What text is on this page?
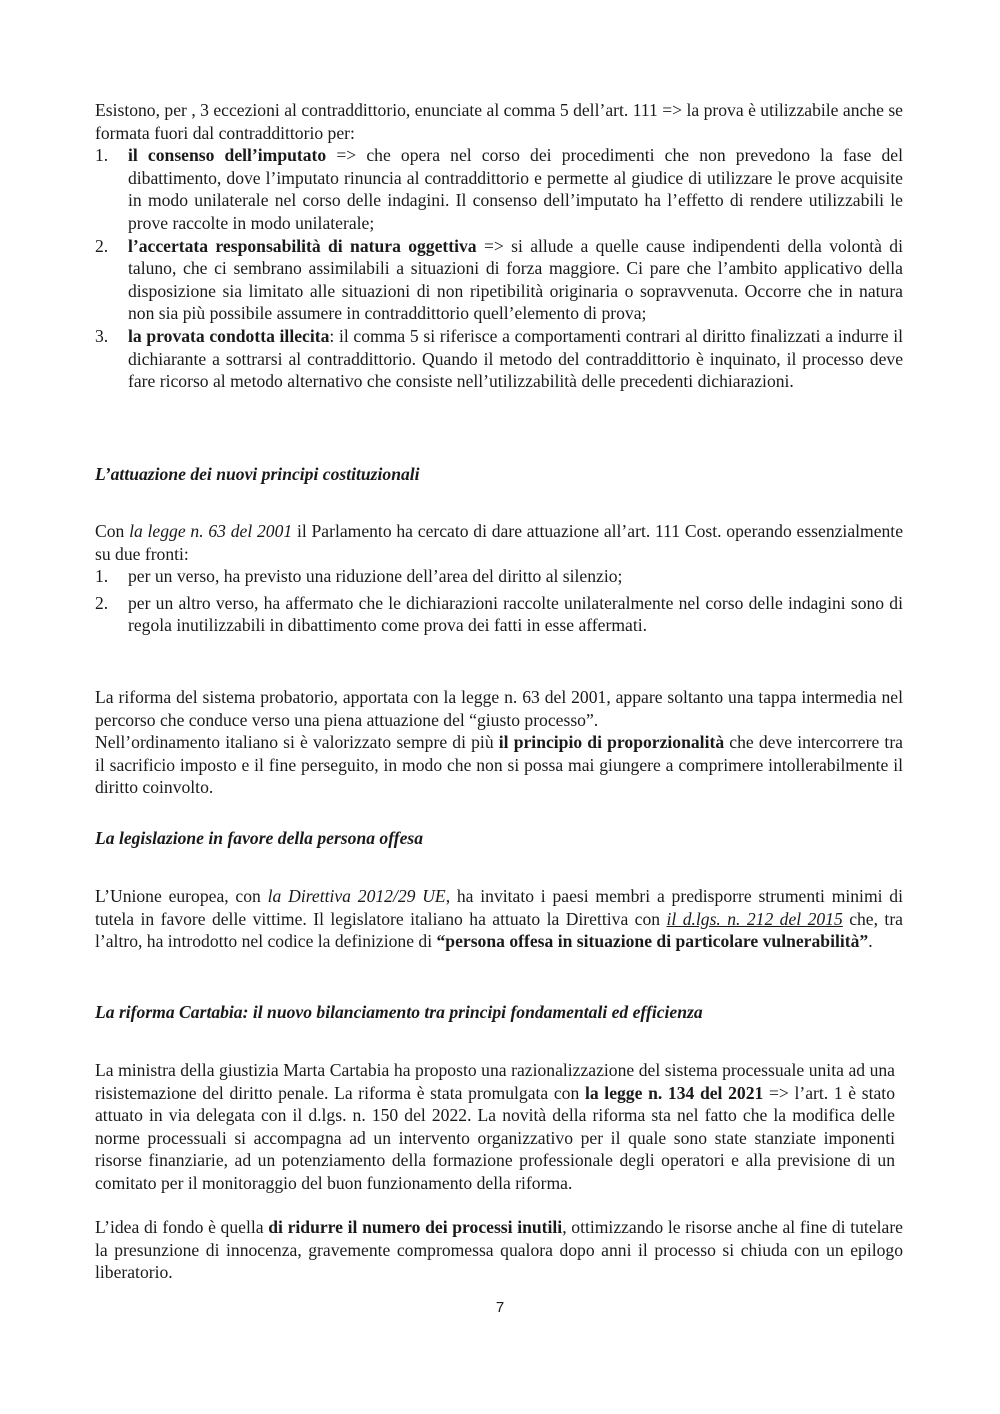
Esistono, per , 3 eccezioni al contraddittorio, enunciate al comma 5 dell’art. 111 => la prova è utilizzabile anche se formata fuori dal contraddittorio per:

1. il consenso dell’imputato => che opera nel corso dei procedimenti che non prevedono la fase del dibattimento, dove l’imputato rinuncia al contraddittorio e permette al giudice di utilizzare le prove acquisite in modo unilaterale nel corso delle indagini. Il consenso dell’imputato ha l’effetto di rendere utilizzabili le prove raccolte in modo unilaterale;
2. l’accertata responsabilità di natura oggettiva => si allude a quelle cause indipendenti della volontà di taluno, che ci sembrano assimilabili a situazioni di forza maggiore. Ci pare che l’ambito applicativo della disposizione sia limitato alle situazioni di non ripetibilità originaria o sopravvenuta. Occorre che in natura non sia più possibile assumere in contraddittorio quell’elemento di prova;
3. la provata condotta illecita: il comma 5 si riferisce a comportamenti contrari al diritto finalizzati a indurre il dichiarante a sottrarsi al contraddittorio. Quando il metodo del contraddittorio è inquinato, il processo deve fare ricorso al metodo alternativo che consiste nell’utilizzabilità delle precedenti dichiarazioni.
L’attuazione dei nuovi principi costituzionali

Con la legge n. 63 del 2001 il Parlamento ha cercato di dare attuazione all’art. 111 Cost. operando essenzialmente su due fronti:

1. per un verso, ha previsto una riduzione dell’area del diritto al silenzio;
2. per un altro verso, ha affermato che le dichiarazioni raccolte unilateralmente nel corso delle indagini sono di regola inutilizzabili in dibattimento come prova dei fatti in esse affermati.

La riforma del sistema probatorio, apportata con la legge n. 63 del 2001, appare soltanto una tappa intermedia nel percorso che conduce verso una piena attuazione del “giusto processo”.

Nell’ordinamento italiano si è valorizzato sempre di più il principio di proporzionalità che deve intercorrere tra il sacrificio imposto e il fine perseguito, in modo che non si possa mai giungere a comprimere intollerabilmente il diritto coinvolto.

La legislazione in favore della persona offesa

L’Unione europea, con la Direttiva 2012/29 UE, ha invitato i paesi membri a predisporre strumenti minimi di tutela in favore delle vittime. Il legislatore italiano ha attuato la Direttiva con il d.lgs. n. 212 del 2015 che, tra l’altro, ha introdotto nel codice la definizione di “persona offesa in situazione di particolare vulnerabilità”.

La riforma Cartabia: il nuovo bilanciamento tra principi fondamentali ed efficienza

La ministra della giustizia Marta Cartabia ha proposto una razionalizzazione del sistema processuale unita ad una risistemazione del diritto penale. La riforma è stata promulgata con la legge n. 134 del 2021 => l’art. 1 è stato attuato in via delegata con il d.lgs. n. 150 del 2022. La novità della riforma sta nel fatto che la modifica delle norme processuali si accompagna ad un intervento organizzativo per il quale sono state stanziate imponenti risorse finanziarie, ad un potenziamento della formazione professionale degli operatori e alla previsione di un comitato per il monitoraggio del buon funzionamento della riforma.

L’idea di fondo è quella di ridurre il numero dei processi inutili, ottimizzando le risorse anche al fine di tutelare la presunzione di innocenza, gravemente compromessa qualora dopo anni il processo si chiuda con un epilogo liberatorio.

7
